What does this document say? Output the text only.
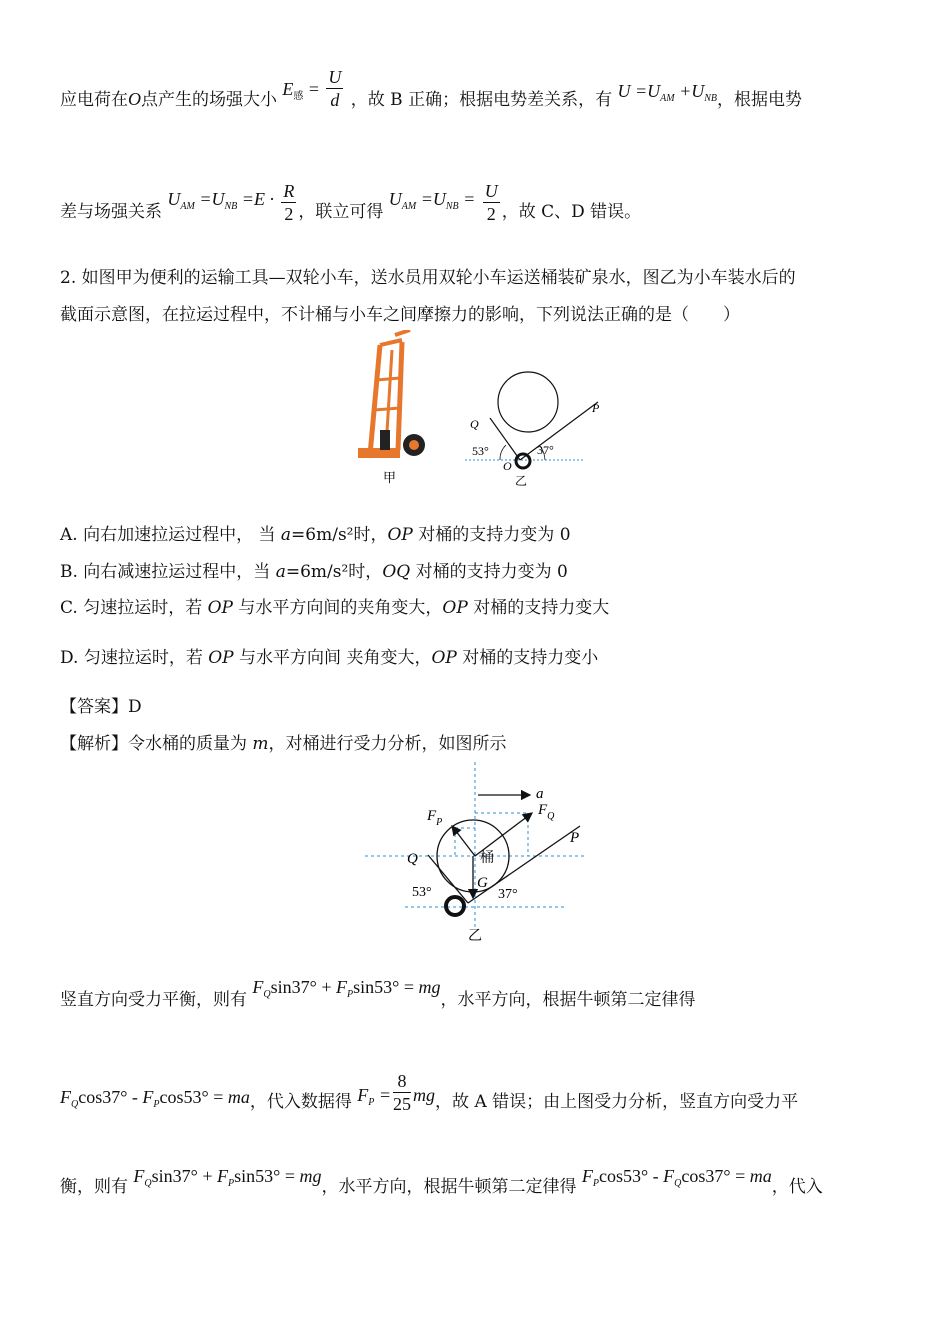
应电荷在O点产生的场强大小 $E_感 = \frac{U}{d}$ ，故 B 正确；根据电势差关系，有 $U =U_{AM} +U_{NB}$，根据电势
差与场强关系 $U_{AM} =U_{NB} =E \cdot \frac{R}{2}$ ，联立可得 $U_{AM} =U_{NB} = \frac{U}{2}$ ，故 C、D 错误。
2. 如图甲为便利的运输工具—双轮小车，送水员用双轮小车运送桶装矿泉水，图乙为小车装水后的
截面示意图，在拉运过程中，不计桶与小车之间摩擦力的影响，下列说法正确的是（　　）
甲
P
Q
53°	37°
O
乙
A. 向右加速拉运过程中， 当 a=6m/s²时，OP 对桶的支持力变为 0
B. 向右减速拉运过程中，当 a=6m/s²时，OQ 对桶的支持力变为 0
C. 匀速拉运时，若 OP 与水平方向间的夹角变大，OP 对桶的支持力变大
D. 匀速拉运时，若 OP 与水平方向间 夹角变大，OP 对桶的支持力变小
【答案】D
【解析】令水桶的质量为 m，对桶进行受力分析，如图所示
a
$F_P$
$F_Q$
P
Q	桶
G
53°	37°
乙
竖直方向受力平衡，则有 $F_Q\sin 37^\circ + F_P\sin 53^\circ$ = mg，水平方向，根据牛顿第二定律得
$F_Q\cos 37^\circ - F_P\cos 53^\circ$ = ma，代入数据得 $F_P = \frac{8}{25}$ mg，故 A 错误；由上图受力分析，竖直方向受力平
衡，则有 $F_Q\sin 37^\circ + F_P\sin 53^\circ$ = mg，水平方向，根据牛顿第二定律得 $F_P\cos 53^\circ - F_Q\cos 37^\circ$ = ma，代入
